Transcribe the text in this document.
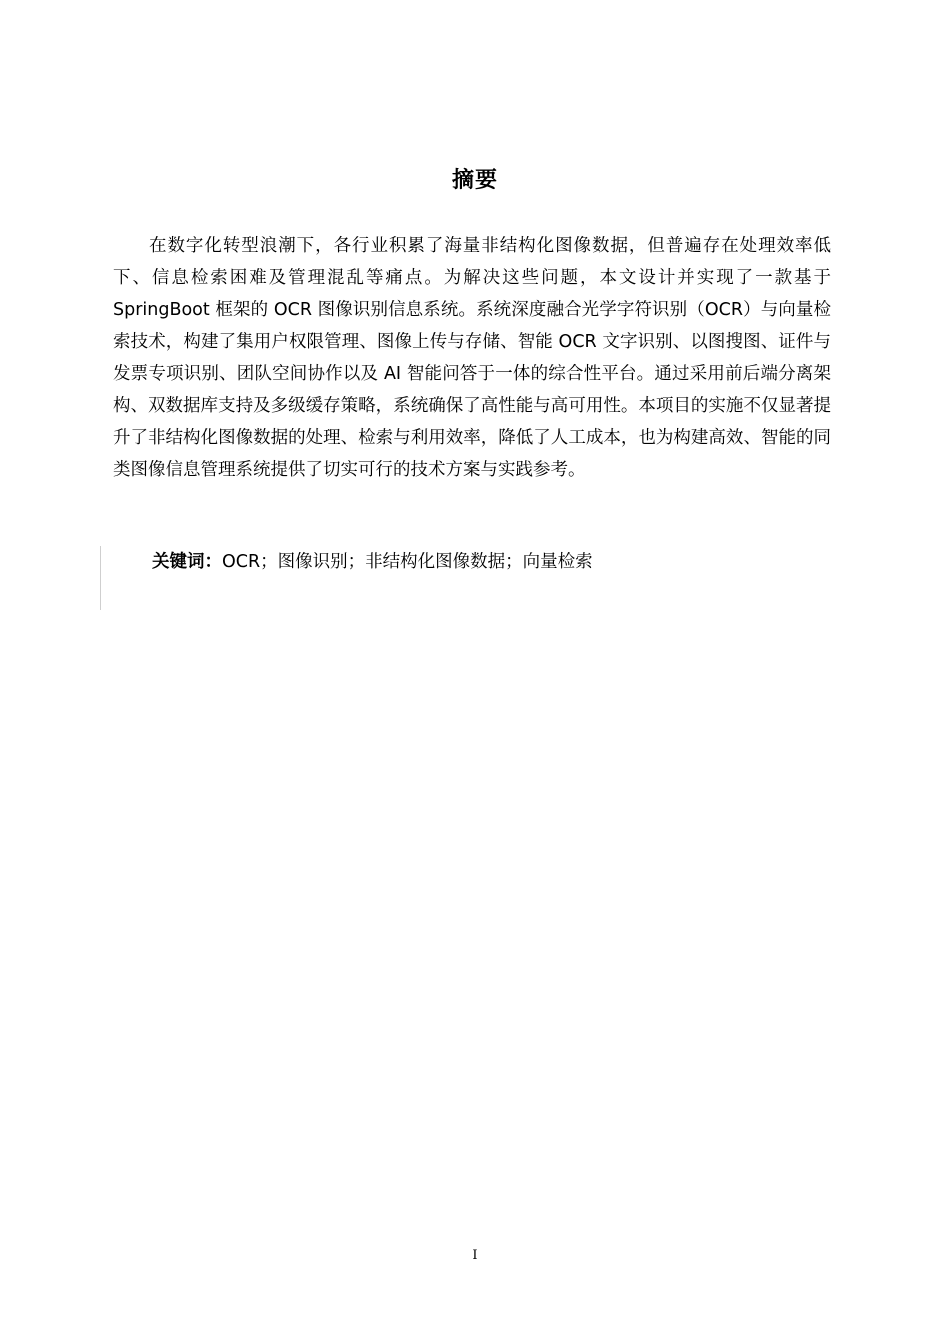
摘要

在数字化转型浪潮下，各行业积累了海量非结构化图像数据，但普遍存在处理效率低下、信息检索困难及管理混乱等痛点。为解决这些问题，本文设计并实现了一款基于 SpringBoot 框架的 OCR 图像识别信息系统。系统深度融合光学字符识别（OCR）与向量检索技术，构建了集用户权限管理、图像上传与存储、智能 OCR 文字识别、以图搜图、证件与发票专项识别、团队空间协作以及 AI 智能问答于一体的综合性平台。通过采用前后端分离架构、双数据库支持及多级缓存策略，系统确保了高性能与高可用性。本项目的实施不仅显著提升了非结构化图像数据的处理、检索与利用效率，降低了人工成本，也为构建高效、智能的同类图像信息管理系统提供了切实可行的技术方案与实践参考。

关键词：OCR；图像识别；非结构化图像数据；向量检索
I
